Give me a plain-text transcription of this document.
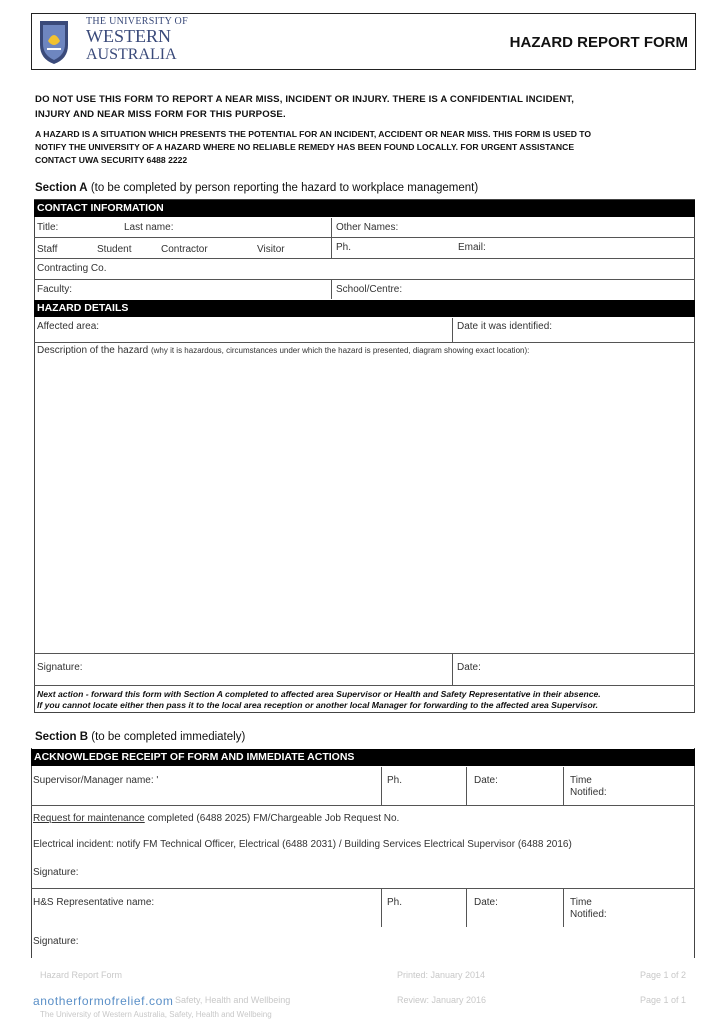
THE UNIVERSITY OF
WESTERN
AUSTRALIA
HAZARD REPORT FORM
DO NOT USE THIS FORM TO REPORT A NEAR MISS, INCIDENT OR INJURY. THERE IS A CONFIDENTIAL INCIDENT,
INJURY AND NEAR MISS FORM FOR THIS PURPOSE.
A HAZARD IS A SITUATION WHICH PRESENTS THE POTENTIAL FOR AN INCIDENT, ACCIDENT OR NEAR MISS. THIS FORM IS USED TO
NOTIFY THE UNIVERSITY OF A HAZARD WHERE NO RELIABLE REMEDY HAS BEEN FOUND LOCALLY. FOR URGENT ASSISTANCE
CONTACT UWA SECURITY 6488 2222
Section A (to be completed by person reporting the hazard to workplace management)
CONTACT INFORMATION
Title:	Last name:	Other Names:
Staff	Student	Contractor	Visitor	Ph.	Email:
Contracting Co.
Faculty:	School/Centre:
HAZARD DETAILS
Affected area:	Date it was identified:
Description of the hazard (why it is hazardous, circumstances under which the hazard is presented, diagram showing exact location):
Signature:	Date:
Next action - forward this form with Section A completed to affected area Supervisor or Health and Safety Representative in their absence.
If you cannot locate either then pass it to the local area reception or another local Manager for forwarding to the affected area Supervisor.
Section B (to be completed immediately)
ACKNOWLEDGE RECEIPT OF FORM AND IMMEDIATE ACTIONS
Supervisor/Manager name: '	Ph.	Date:	Time
Notified:
Request for maintenance completed (6488 2025) FM/Chargeable Job Request No.
Electrical incident: notify FM Technical Officer, Electrical (6488 2031) / Building Services Electrical Supervisor (6488 2016)
Signature:
H&S Representative name:	Ph.	Date:	Time
Notified:
Signature:
Hazard Report Form	Printed: January 2014	Page 1 of 2
Safety, Health and Wellbeing	Review: January 2016	Page 1 of 1
The University of Western Australia, Safety, Health and Wellbeing
anotherformofrelief.com
